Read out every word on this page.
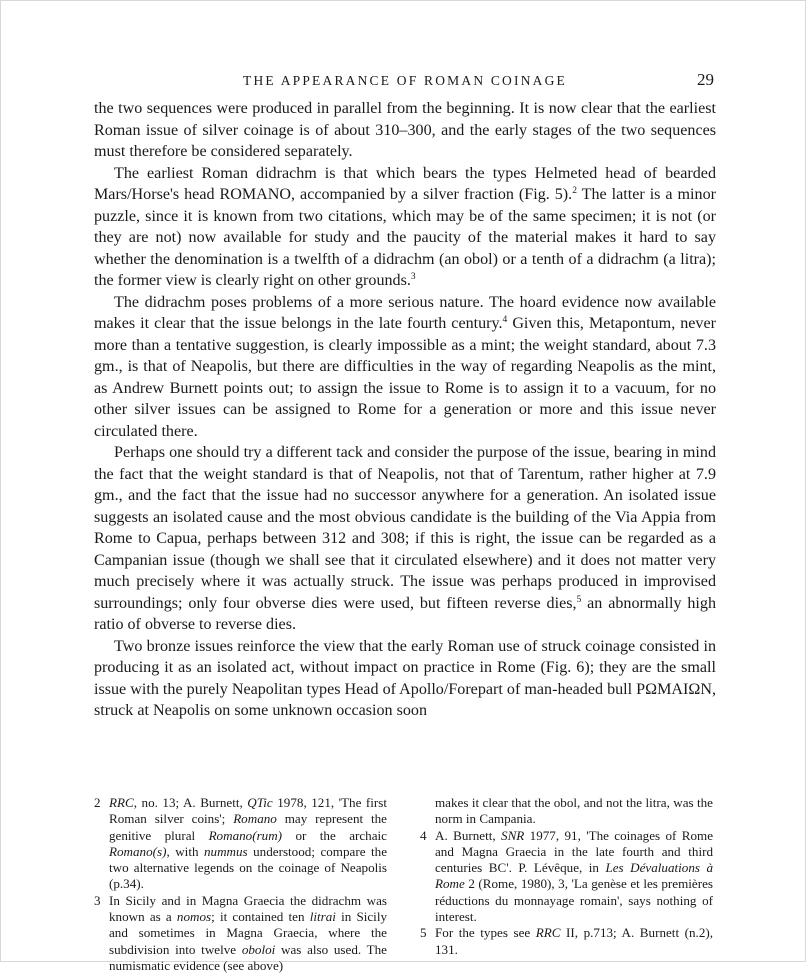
THE APPEARANCE OF ROMAN COINAGE	29

the two sequences were produced in parallel from the beginning. It is now clear that the earliest Roman issue of silver coinage is of about 310–300, and the early stages of the two sequences must therefore be considered separately.

The earliest Roman didrachm is that which bears the types Helmeted head of bearded Mars/Horse's head ROMANO, accompanied by a silver fraction (Fig. 5).$^2$ The latter is a minor puzzle, since it is known from two citations, which may be of the same specimen; it is not (or they are not) now available for study and the paucity of the material makes it hard to say whether the denomination is a twelfth of a didrachm (an obol) or a tenth of a didrachm (a litra); the former view is clearly right on other grounds.$^3$

The didrachm poses problems of a more serious nature. The hoard evidence now available makes it clear that the issue belongs in the late fourth century.$^4$ Given this, Metapontum, never more than a tentative suggestion, is clearly impossible as a mint; the weight standard, about 7.3 gm., is that of Neapolis, but there are difficulties in the way of regarding Neapolis as the mint, as Andrew Burnett points out; to assign the issue to Rome is to assign it to a vacuum, for no other silver issues can be assigned to Rome for a generation or more and this issue never circulated there.

Perhaps one should try a different tack and consider the purpose of the issue, bearing in mind the fact that the weight standard is that of Neapolis, not that of Tarentum, rather higher at 7.9 gm., and the fact that the issue had no successor anywhere for a generation. An isolated issue suggests an isolated cause and the most obvious candidate is the building of the Via Appia from Rome to Capua, perhaps between 312 and 308; if this is right, the issue can be regarded as a Campanian issue (though we shall see that it circulated elsewhere) and it does not matter very much precisely where it was actually struck. The issue was perhaps produced in improvised surroundings; only four obverse dies were used, but fifteen reverse dies,$^5$ an abnormally high ratio of obverse to reverse dies.

Two bronze issues reinforce the view that the early Roman use of struck coinage consisted in producing it as an isolated act, without impact on practice in Rome (Fig. 6); they are the small issue with the purely Neapolitan types Head of Apollo/Forepart of man-headed bull ΡΩΜΑΙΩΝ, struck at Neapolis on some unknown occasion soon

2 RRC, no. 13; A. Burnett, QTic 1978, 121, 'The first Roman silver coins'; Romano may represent the genitive plural Romano(rum) or the archaic Romano(s), with nummus understood; compare the two alternative legends on the coinage of Neapolis (p.34).

3 In Sicily and in Magna Graecia the didrachm was known as a nomos; it contained ten litrai in Sicily and sometimes in Magna Graecia, where the subdivision into twelve oboloi was also used. The numismatic evidence (see above)

makes it clear that the obol, and not the litra, was the norm in Campania.

4 A. Burnett, SNR 1977, 91, 'The coinages of Rome and Magna Graecia in the late fourth and third centuries BC'. P. Lévêque, in Les Dévaluations à Rome 2 (Rome, 1980), 3, 'La genèse et les premières réductions du monnayage romain', says nothing of interest.

5 For the types see RRC II, p.713; A. Burnett (n.2), 131.
